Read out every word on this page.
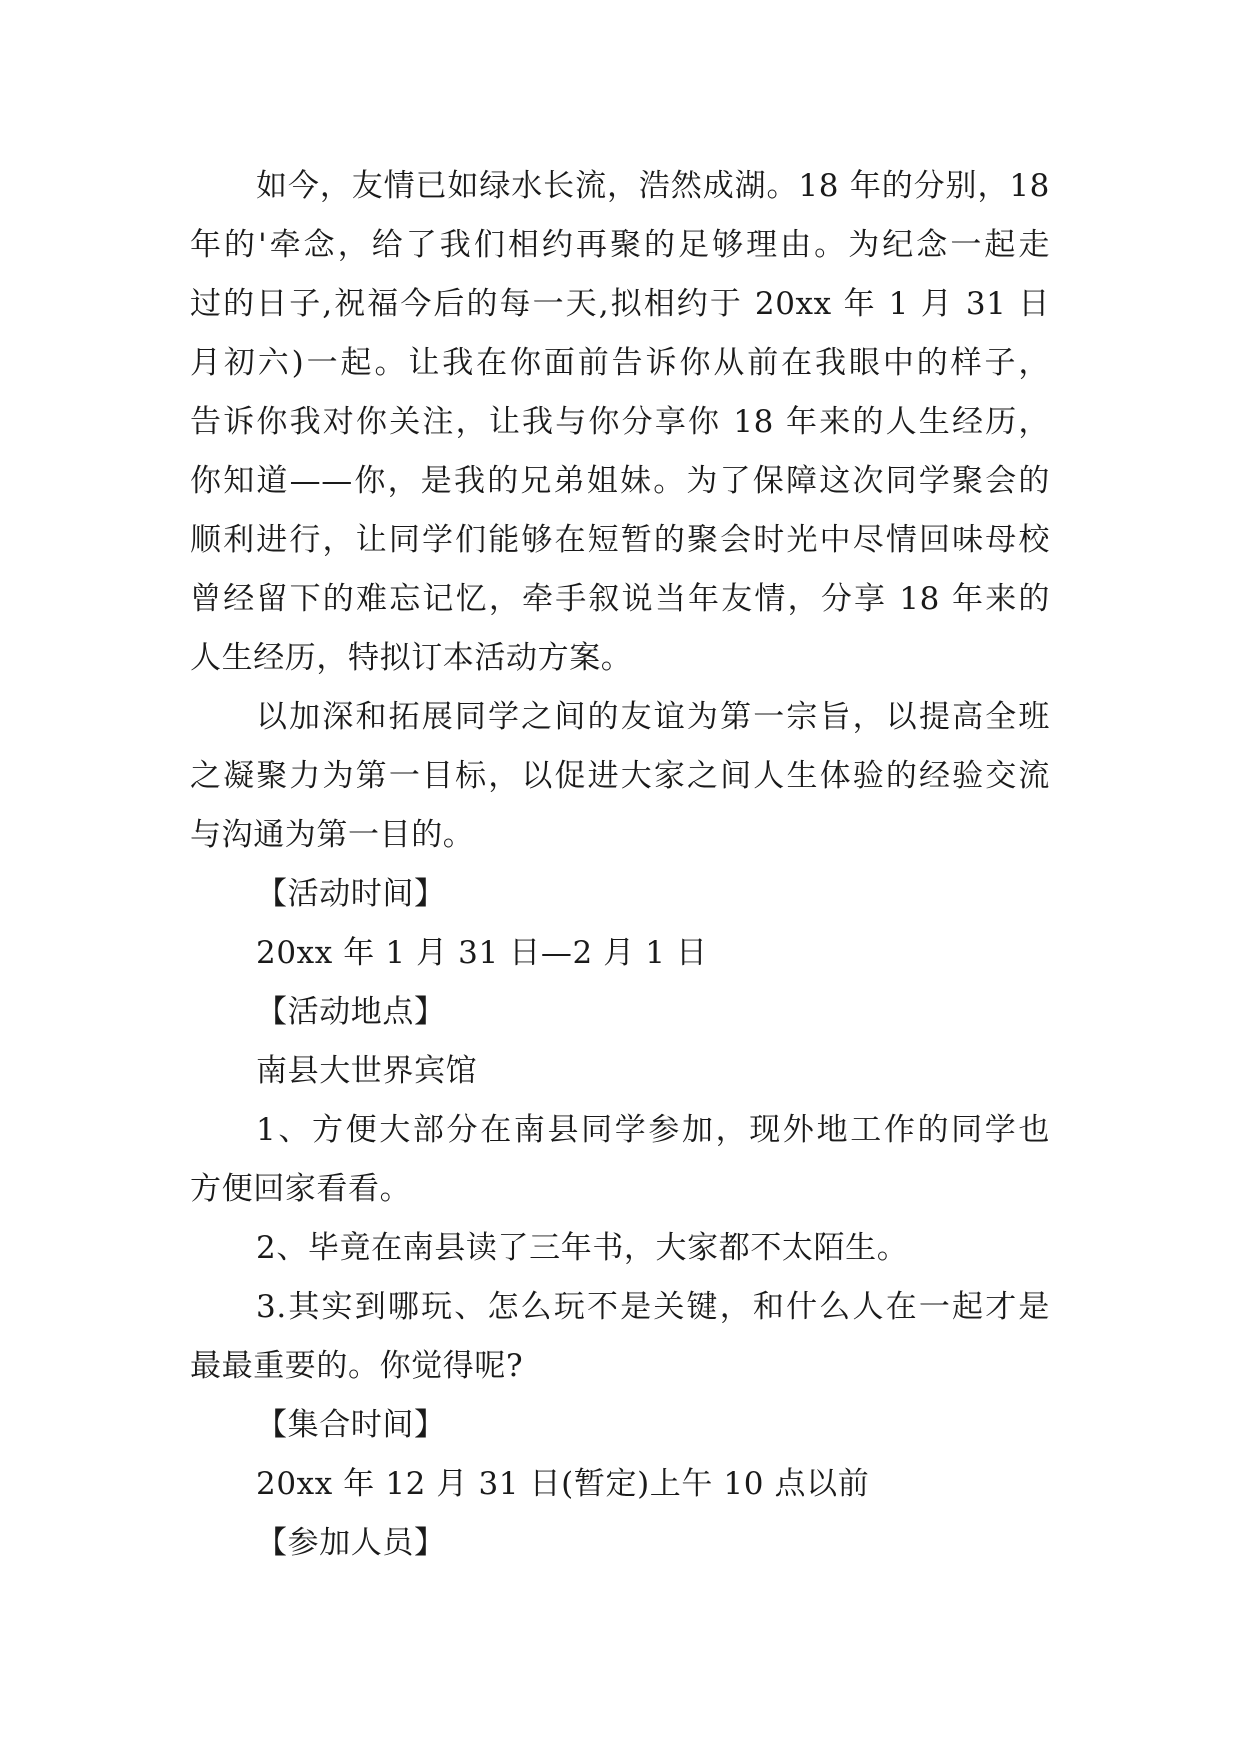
如今，友情已如绿水长流，浩然成湖。18 年的分别，18
年的'牵念，给了我们相约再聚的足够理由。为纪念一起走
过的日子,祝福今后的每一天,拟相约于 20xx 年 1 月 31 日
月初六)一起。让我在你面前告诉你从前在我眼中的样子，
告诉你我对你关注，让我与你分享你 18 年来的人生经历，
你知道——你，是我的兄弟姐妹。为了保障这次同学聚会的
顺利进行，让同学们能够在短暂的聚会时光中尽情回味母校
曾经留下的难忘记忆，牵手叙说当年友情，分享 18 年来的
人生经历，特拟订本活动方案。
以加深和拓展同学之间的友谊为第一宗旨，以提高全班
之凝聚力为第一目标，以促进大家之间人生体验的经验交流
与沟通为第一目的。
【活动时间】
20xx 年 1 月 31 日—2 月 1 日
【活动地点】
南县大世界宾馆
1、方便大部分在南县同学参加，现外地工作的同学也
方便回家看看。
2、毕竟在南县读了三年书，大家都不太陌生。
3.其实到哪玩、怎么玩不是关键，和什么人在一起才是
最最重要的。你觉得呢?
【集合时间】
20xx 年 12 月 31 日(暂定)上午 10 点以前
【参加人员】
